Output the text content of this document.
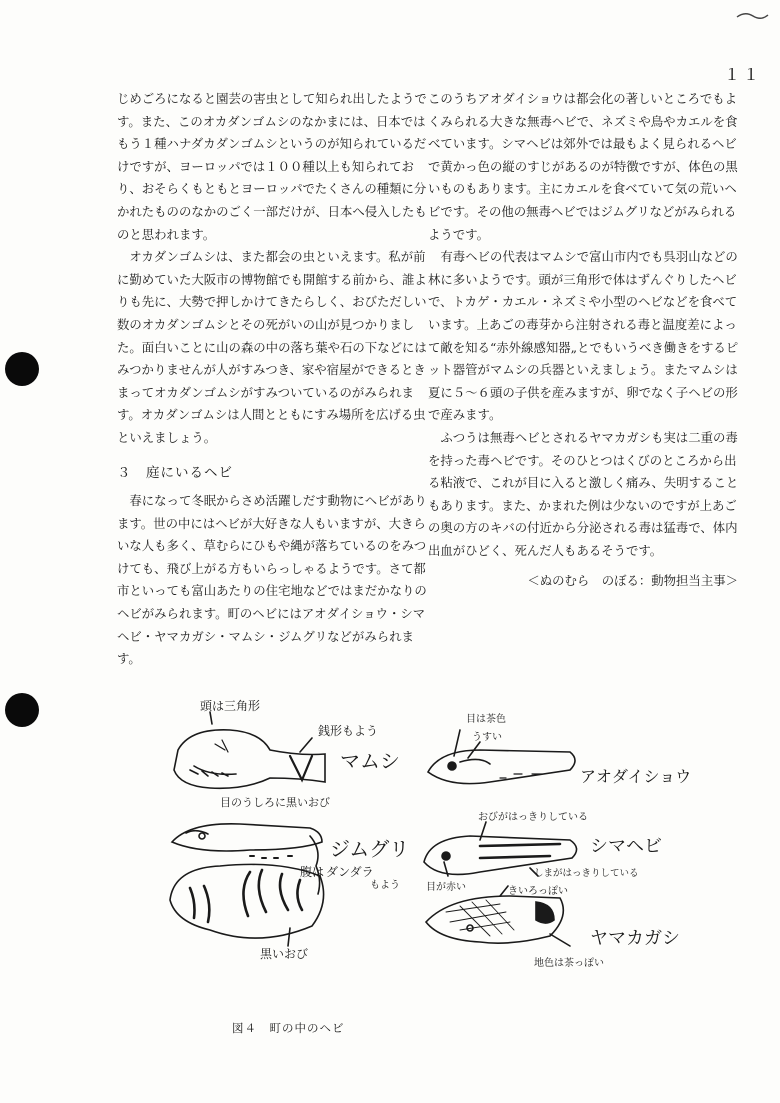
１１

じめごろになると園芸の害虫として知られ出したようです。また、このオカダンゴムシのなかまには、日本ではもう１種ハナダカダンゴムシというのが知られているだけですが、ヨーロッパでは１００種以上も知られており、おそらくもともとヨーロッパでたくさんの種類に分かれたもののなかのごく一部だけが、日本へ侵入したものと思われます。

オカダンゴムシは、また都会の虫といえます。私が前に勤めていた大阪市の博物館でも開館する前から、誰よりも先に、大勢で押しかけてきたらしく、おびただしい数のオカダンゴムシとその死がいの山が見つかりました。面白いことに山の森の中の落ち葉や石の下などにはみつかりませんが人がすみつき、家や宿屋ができるときまってオカダンゴムシがすみついているのがみられます。オカダンゴムシは人間とともにすみ場所を広げる虫といえましょう。

３　庭にいるヘビ

春になって冬眠からさめ活躍しだす動物にヘビがあります。世の中にはヘビが大好きな人もいますが、大きらいな人も多く、草むらにひもや縄が落ちているのをみつけても、飛び上がる方もいらっしゃるようです。さて都市といっても富山あたりの住宅地などではまだかなりのヘビがみられます。町のヘビにはアオダイショウ・シマヘビ・ヤマカガシ・マムシ・ジムグリなどがみられます。

このうちアオダイショウは都会化の著しいところでもよくみられる大きな無毒ヘビで、ネズミや鳥やカエルを食べています。シマヘビは郊外では最もよく見られるヘビで黄かっ色の縦のすじがあるのが特徴ですが、体色の黒いものもあります。主にカエルを食べていて気の荒いヘビです。その他の無毒ヘビではジムグリなどがみられるようです。

有毒ヘビの代表はマムシで富山市内でも呉羽山などの林に多いようです。頭が三角形で体はずんぐりしたヘビで、トカゲ・カエル・ネズミや小型のヘビなどを食べています。上あごの毒芽から注射される毒と温度差によって敵を知る“赤外線感知器„とでもいうべき働きをするピット器管がマムシの兵器といえましょう。またマムシは夏に５～６頭の子供を産みますが、卵でなく子ヘビの形で産みます。

ふつうは無毒ヘビとされるヤマカガシも実は二重の毒を持った毒ヘビです。そのひとつはくびのところから出る粘液で、これが目に入ると激しく痛み、失明することもあります。また、かまれた例は少ないのですが上あごの奥の方のキバの付近から分泌される毒は猛毒で、体内出血がひどく、死んだ人もあるそうです。

＜ぬのむら　のぼる：動物担当主事＞

頭は三角形
銭形もよう
マムシ
目のうしろに黒いおび
ジムグリ
腹は ダンダラ
もよう
黒いおび
目は茶色
うすい
アオダイショウ
おびがはっきりしている
シマヘビ
しまがはっきりしている
目が赤い	きいろっぽい
ヤマカガシ
地色は茶っぽい
図４　町の中のヘビ
